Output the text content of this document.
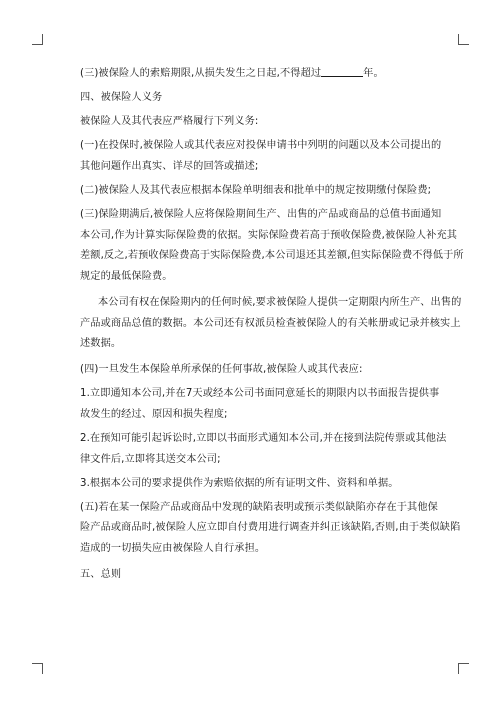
(三)被保险人的索赔期限,从损失发生之日起,不得超过	年。

四、被保险人义务

被保险人及其代表应严格履行下列义务:

(一)在投保时,被保险人或其代表应对投保申请书中列明的问题以及本公司提出的

其他问题作出真实、详尽的回答或描述;

(二)被保险人及其代表应根据本保险单明细表和批单中的规定按期缴付保险费;

(三)保险期满后,被保险人应将保险期间生产、出售的产品或商品的总值书面通知

本公司,作为计算实际保险费的依据。实际保险费若高于预收保险费,被保险人补充其

差额,反之,若预收保险费高于实际保险费,本公司退还其差额,但实际保险费不得低于所

规定的最低保险费。

本公司有权在保险期内的任何时候,要求被保险人提供一定期限内所生产、出售的

产品或商品总值的数据。本公司还有权派员检查被保险人的有关帐册或记录并核实上

述数据。

(四)一旦发生本保险单所承保的任何事故,被保险人或其代表应:

1.立即通知本公司,并在7天或经本公司书面同意延长的期限内以书面报告提供事

故发生的经过、原因和损失程度;

2.在预知可能引起诉讼时,立即以书面形式通知本公司,并在接到法院传票或其他法

律文件后,立即将其送交本公司;

3.根据本公司的要求提供作为索赔依据的所有证明文件、资料和单据。

(五)若在某一保险产品或商品中发现的缺陷表明或预示类似缺陷亦存在于其他保

险产品或商品时,被保险人应立即自付费用进行调查并纠正该缺陷,否则,由于类似缺陷

造成的一切损失应由被保险人自行承担。

五、总则
